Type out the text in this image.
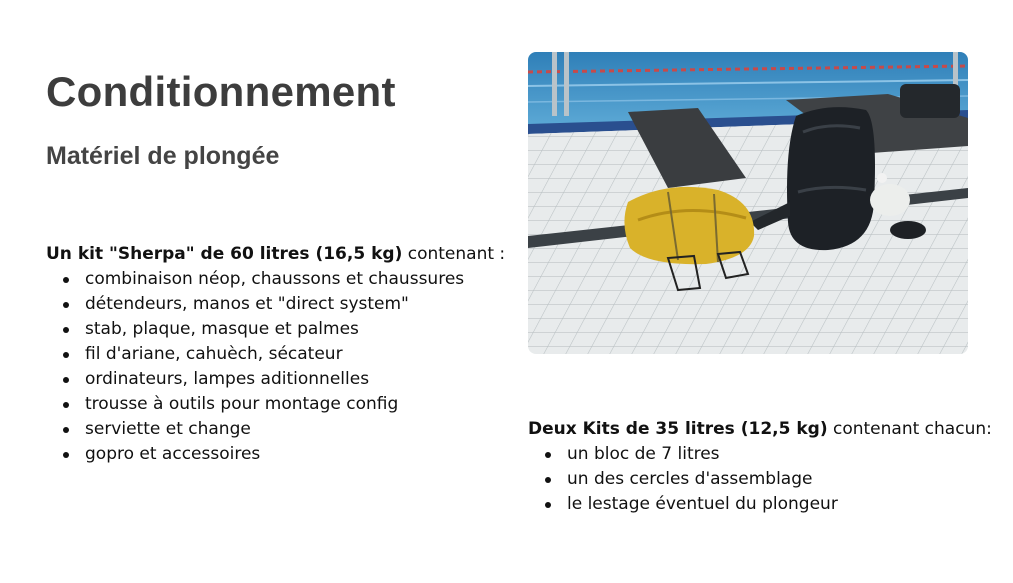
Conditionnement
Matériel de plongée

Un kit "Sherpa" de 60 litres (16,5 kg) contenant :

combinaison néop, chaussons et chaussures
détendeurs, manos et "direct system"
stab, plaque, masque et palmes
fil d'ariane, cahuèch, sécateur
ordinateurs, lampes aditionnelles
trousse à outils pour montage config
serviette et change
gopro et accessoires

Deux Kits de 35 litres (12,5 kg) contenant chacun:

un bloc de 7 litres
un des cercles d'assemblage
le lestage éventuel du plongeur
